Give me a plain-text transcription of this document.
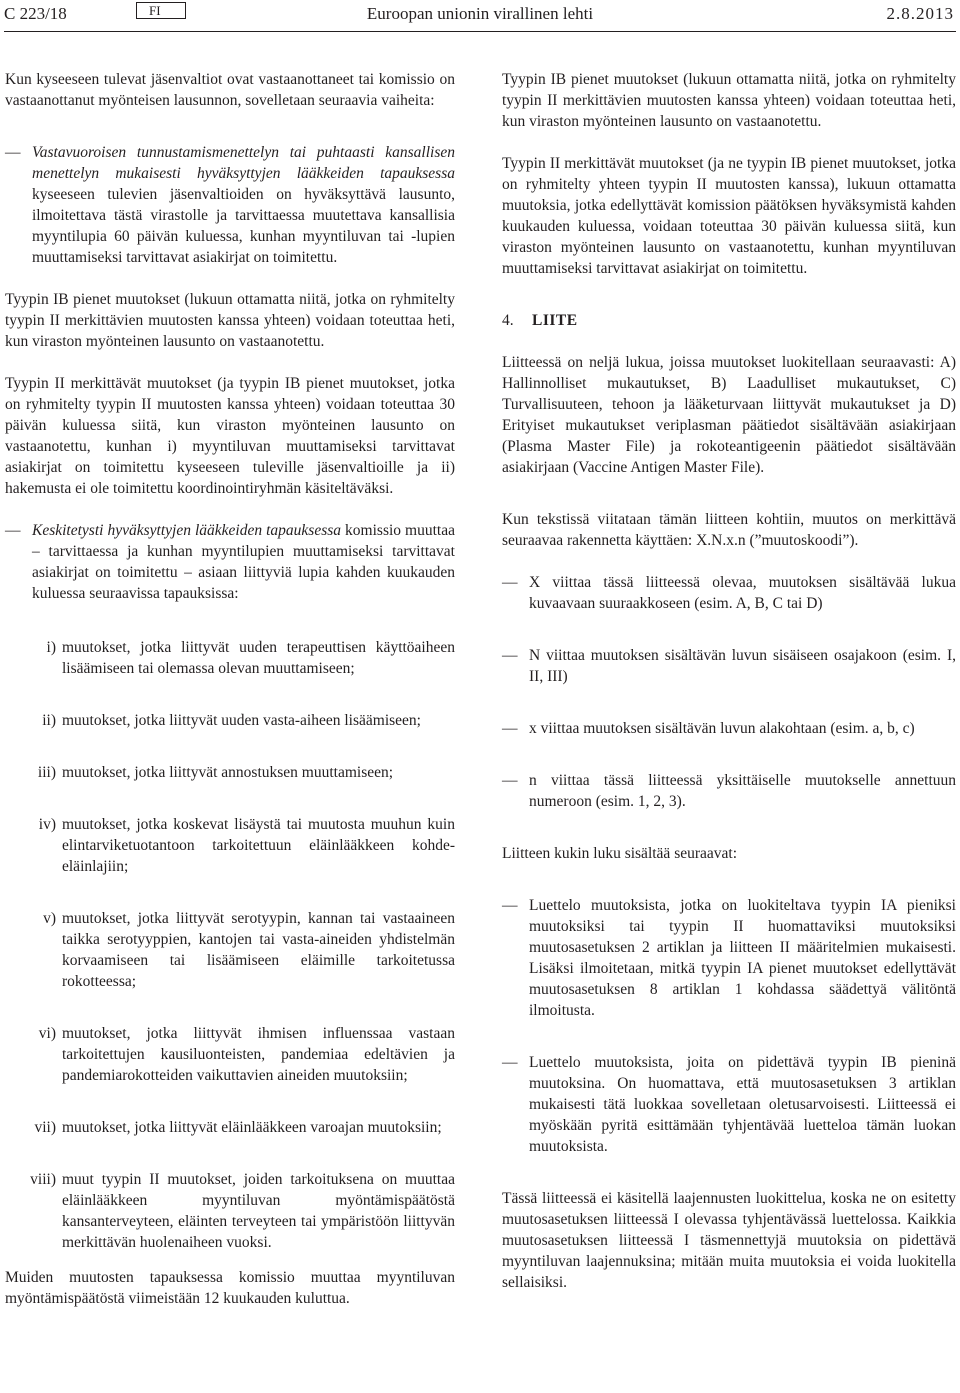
C 223/18	FI	Euroopan unionin virallinen lehti	2.8.2013

Kun kyseeseen tulevat jäsenvaltiot ovat vastaanottaneet tai komissio on vastaanottanut myönteisen lausunnon, sovelletaan seuraavia vaiheita:

— Vastavuoroisen tunnustamismenettelyn tai puhtaasti kansallisen menettelyn mukaisesti hyväksyttyjen lääkkeiden tapauksessa kyseeseen tulevien jäsenvaltioiden on hyväksyttävä lausunto, ilmoitettava tästä virastolle ja tarvittaessa muutettava kansallisia myyntilupia 60 päivän kuluessa, kunhan myyntiluvan tai -lupien muuttamiseksi tarvittavat asiakirjat on toimitettu.

Tyypin IB pienet muutokset (lukuun ottamatta niitä, jotka on ryhmitelty tyypin II merkittävien muutosten kanssa yhteen) voidaan toteuttaa heti, kun viraston myönteinen lausunto on vastaanotettu.

Tyypin II merkittävät muutokset (ja tyypin IB pienet muutokset, jotka on ryhmitelty tyypin II muutosten kanssa yhteen) voidaan toteuttaa 30 päivän kuluessa siitä, kun viraston myönteinen lausunto on vastaanotettu, kunhan i) myyntiluvan muuttamiseksi tarvittavat asiakirjat on toimitettu kyseeseen tuleville jäsenvaltioille ja ii) hakemusta ei ole toimitettu koordinointiryhmän käsiteltäväksi.

— Keskitetysti hyväksyttyjen lääkkeiden tapauksessa komissio muuttaa – tarvittaessa ja kunhan myyntilupien muuttamiseksi tarvittavat asiakirjat on toimitettu – asiaan liittyviä lupia kahden kuukauden kuluessa seuraavissa tapauksissa:
i) muutokset, jotka liittyvät uuden terapeuttisen käyttöaiheen lisäämiseen tai olemassa olevan muuttamiseen;
ii) muutokset, jotka liittyvät uuden vasta-aiheen lisäämiseen;
iii) muutokset, jotka liittyvät annostuksen muuttamiseen;
iv) muutokset, jotka koskevat lisäystä tai muutosta muuhun kuin elintarviketuotantoon tarkoitettuun eläinlääkkeen kohde-eläinlajiin;
v) muutokset, jotka liittyvät serotyypin, kannan tai vastaaineen taikka serotyyppien, kantojen tai vasta-aineiden yhdistelmän korvaamiseen tai lisäämiseen eläimille tarkoitetussa rokotteessa;
vi) muutokset, jotka liittyvät ihmisen influenssaa vastaan tarkoitettujen kausiluonteisten, pandemiaa edeltävien ja pandemiarokotteiden vaikuttavien aineiden muutoksiin;
vii) muutokset, jotka liittyvät eläinlääkkeen varoajan muutoksiin;
viii) muut tyypin II muutokset, joiden tarkoituksena on muuttaa eläinlääkkeen myyntiluvan myöntämispäätöstä kansanterveyteen, eläinten terveyteen tai ympäristöön liittyvän merkittävän huolenaiheen vuoksi.

Muiden muutosten tapauksessa komissio muuttaa myyntiluvan myöntämispäätöstä viimeistään 12 kuukauden kuluttua.

Tyypin IB pienet muutokset (lukuun ottamatta niitä, jotka on ryhmitelty tyypin II merkittävien muutosten kanssa yhteen) voidaan toteuttaa heti, kun viraston myönteinen lausunto on vastaanotettu.

Tyypin II merkittävät muutokset (ja ne tyypin IB pienet muutokset, jotka on ryhmitelty yhteen tyypin II muutosten kanssa), lukuun ottamatta muutoksia, jotka edellyttävät komission päätöksen hyväksymistä kahden kuukauden kuluessa, voidaan toteuttaa 30 päivän kuluessa siitä, kun viraston myönteinen lausunto on vastaanotettu, kunhan myyntiluvan muuttamiseksi tarvittavat asiakirjat on toimitettu.

4.	LIITE

Liitteessä on neljä lukua, joissa muutokset luokitellaan seuraavasti: A) Hallinnolliset mukautukset, B) Laadulliset mukautukset, C) Turvallisuuteen, tehoon ja lääketurvaan liittyvät mukautukset ja D) Erityiset mukautukset veriplasman päätiedot sisältävään asiakirjaan (Plasma Master File) ja rokoteantigeenin päätiedot sisältävään asiakirjaan (Vaccine Antigen Master File).

Kun tekstissä viitataan tämän liitteen kohtiin, muutos on merkittävä seuraavaa rakennetta käyttäen: X.N.x.n (”muutoskoodi”).

— X viittaa tässä liitteessä olevaa, muutoksen sisältävää lukua kuvaavaan suuraakkoseen (esim. A, B, C tai D)
— N viittaa muutoksen sisältävän luvun sisäiseen osajakoon (esim. I, II, III)
— x viittaa muutoksen sisältävän luvun alakohtaan (esim. a, b, c)
— n viittaa tässä liitteessä yksittäiselle muutokselle annettuun numeroon (esim. 1, 2, 3).

Liitteen kukin luku sisältää seuraavat:

— Luettelo muutoksista, jotka on luokiteltava tyypin IA pieniksi muutoksiksi tai tyypin II huomattaviksi muutoksiksi muutosasetuksen 2 artiklan ja liitteen II määritelmien mukaisesti. Lisäksi ilmoitetaan, mitkä tyypin IA pienet muutokset edellyttävät muutosasetuksen 8 artiklan 1 kohdassa säädettyä välitöntä ilmoitusta.
— Luettelo muutoksista, joita on pidettävä tyypin IB pieninä muutoksina. On huomattava, että muutosasetuksen 3 artiklan mukaisesti tätä luokkaa sovelletaan oletusarvoisesti. Liitteessä ei myöskään pyritä esittämään tyhjentävää luetteloa tämän luokan muutoksista.

Tässä liitteessä ei käsitellä laajennusten luokittelua, koska ne on esitetty muutosasetuksen liitteessä I olevassa tyhjentävässä luettelossa. Kaikkia muutosasetuksen liitteessä I täsmennettyjä muutoksia on pidettävä myyntiluvan laajennuksina; mitään muita muutoksia ei voida luokitella sellaisiksi.
